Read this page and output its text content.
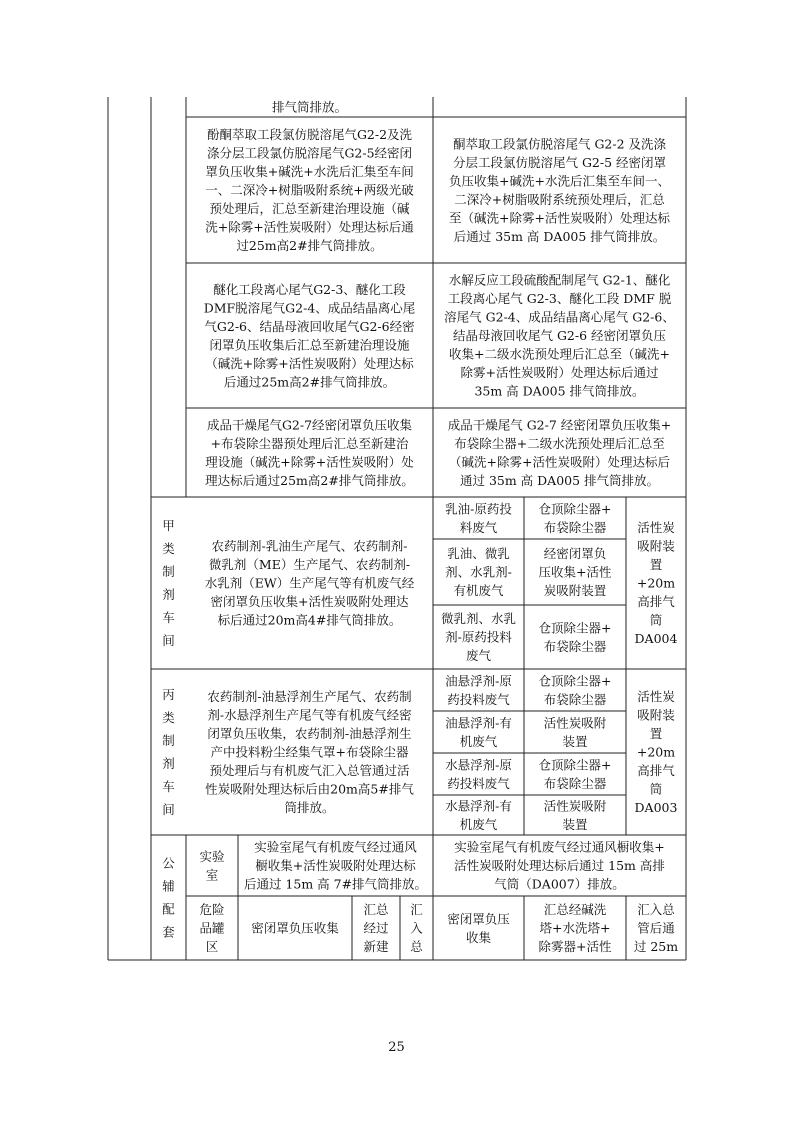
排气筒排放。
酚酮萃取工段氯仿脱溶尾气G2-2及洗涤分层工段氯仿脱溶尾气G2-5经密闭罩负压收集+碱洗+水洗后汇集至车间一、二深冷+树脂吸附系统+两级光破预处理后，汇总至新建治理设施（碱洗+除雾+活性炭吸附）处理达标后通过25m高2#排气筒排放。
酮萃取工段氯仿脱溶尾气 G2-2 及洗涤分层工段氯仿脱溶尾气 G2-5 经密闭罩负压收集+碱洗+水洗后汇集至车间一、二深冷+树脂吸附系统预处理后，汇总至（碱洗+除雾+活性炭吸附）处理达标后通过 35m 高 DA005 排气筒排放。
醚化工段离心尾气G2-3、醚化工段 DMF脱溶尾气G2-4、成品结晶离心尾气G2-6、结晶母液回收尾气G2-6经密闭罩负压收集后汇总至新建治理设施（碱洗+除雾+活性炭吸附）处理达标后通过25m高2#排气筒排放。
水解反应工段硫酸配制尾气 G2-1、醚化工段离心尾气 G2-3、醚化工段 DMF 脱溶尾气 G2-4、成品结晶离心尾气 G2-6、结晶母液回收尾气 G2-6 经密闭罩负压收集+二级水洗预处理后汇总至（碱洗+除雾+活性炭吸附）处理达标后通过 35m 高 DA005 排气筒排放。
成品干燥尾气G2-7经密闭罩负压收集+布袋除尘器预处理后汇总至新建治理设施（碱洗+除雾+活性炭吸附）处理达标后通过25m高2#排气筒排放。
成品干燥尾气 G2-7 经密闭罩负压收集+布袋除尘器+二级水洗预处理后汇总至（碱洗+除雾+活性炭吸附）处理达标后通过 35m 高 DA005 排气筒排放。
甲类制剂车间
农药制剂-乳油生产尾气、农药制剂-微乳剂（ME）生产尾气、农药制剂-水乳剂（EW）生产尾气等有机废气经密闭罩负压收集+活性炭吸附处理达标后通过20m高4#排气筒排放。
乳油-原药投料废气
仓顶除尘器+布袋除尘器
乳油、微乳剂、水乳剂-有机废气
经密闭罩负压收集+活性炭吸附装置
微乳剂、水乳剂-原药投料废气
仓顶除尘器+布袋除尘器
活性炭吸附装置+20m 高排气筒 DA004
丙类制剂车间
农药制剂-油悬浮剂生产尾气、农药制剂-水悬浮剂生产尾气等有机废气经密闭罩负压收集，农药制剂-油悬浮剂生产中投料粉尘经集气罩+布袋除尘器预处理后与有机废气汇入总管通过活性炭吸附处理达标后由20m高5#排气筒排放。
油悬浮剂-原药投料废气
仓顶除尘器+布袋除尘器
油悬浮剂-有机废气
活性炭吸附装置
水悬浮剂-原药投料废气
仓顶除尘器+布袋除尘器
水悬浮剂-有机废气
活性炭吸附装置
活性炭吸附装置+20m 高排气筒 DA003
公辅配套
实验室
实验室尾气有机废气经过通风橱收集+活性炭吸附处理达标后通过 15m 高 7#排气筒排放。
实验室尾气有机废气经过通风橱收集+活性炭吸附处理达标后通过 15m 高排气筒（DA007）排放。
危险品罐区
密闭罩负压收集
汇总经过新建
汇入总
密闭罩负压收集
汇总经碱洗塔+水洗塔+除雾器+活性
汇入总管后通过 25m
25
